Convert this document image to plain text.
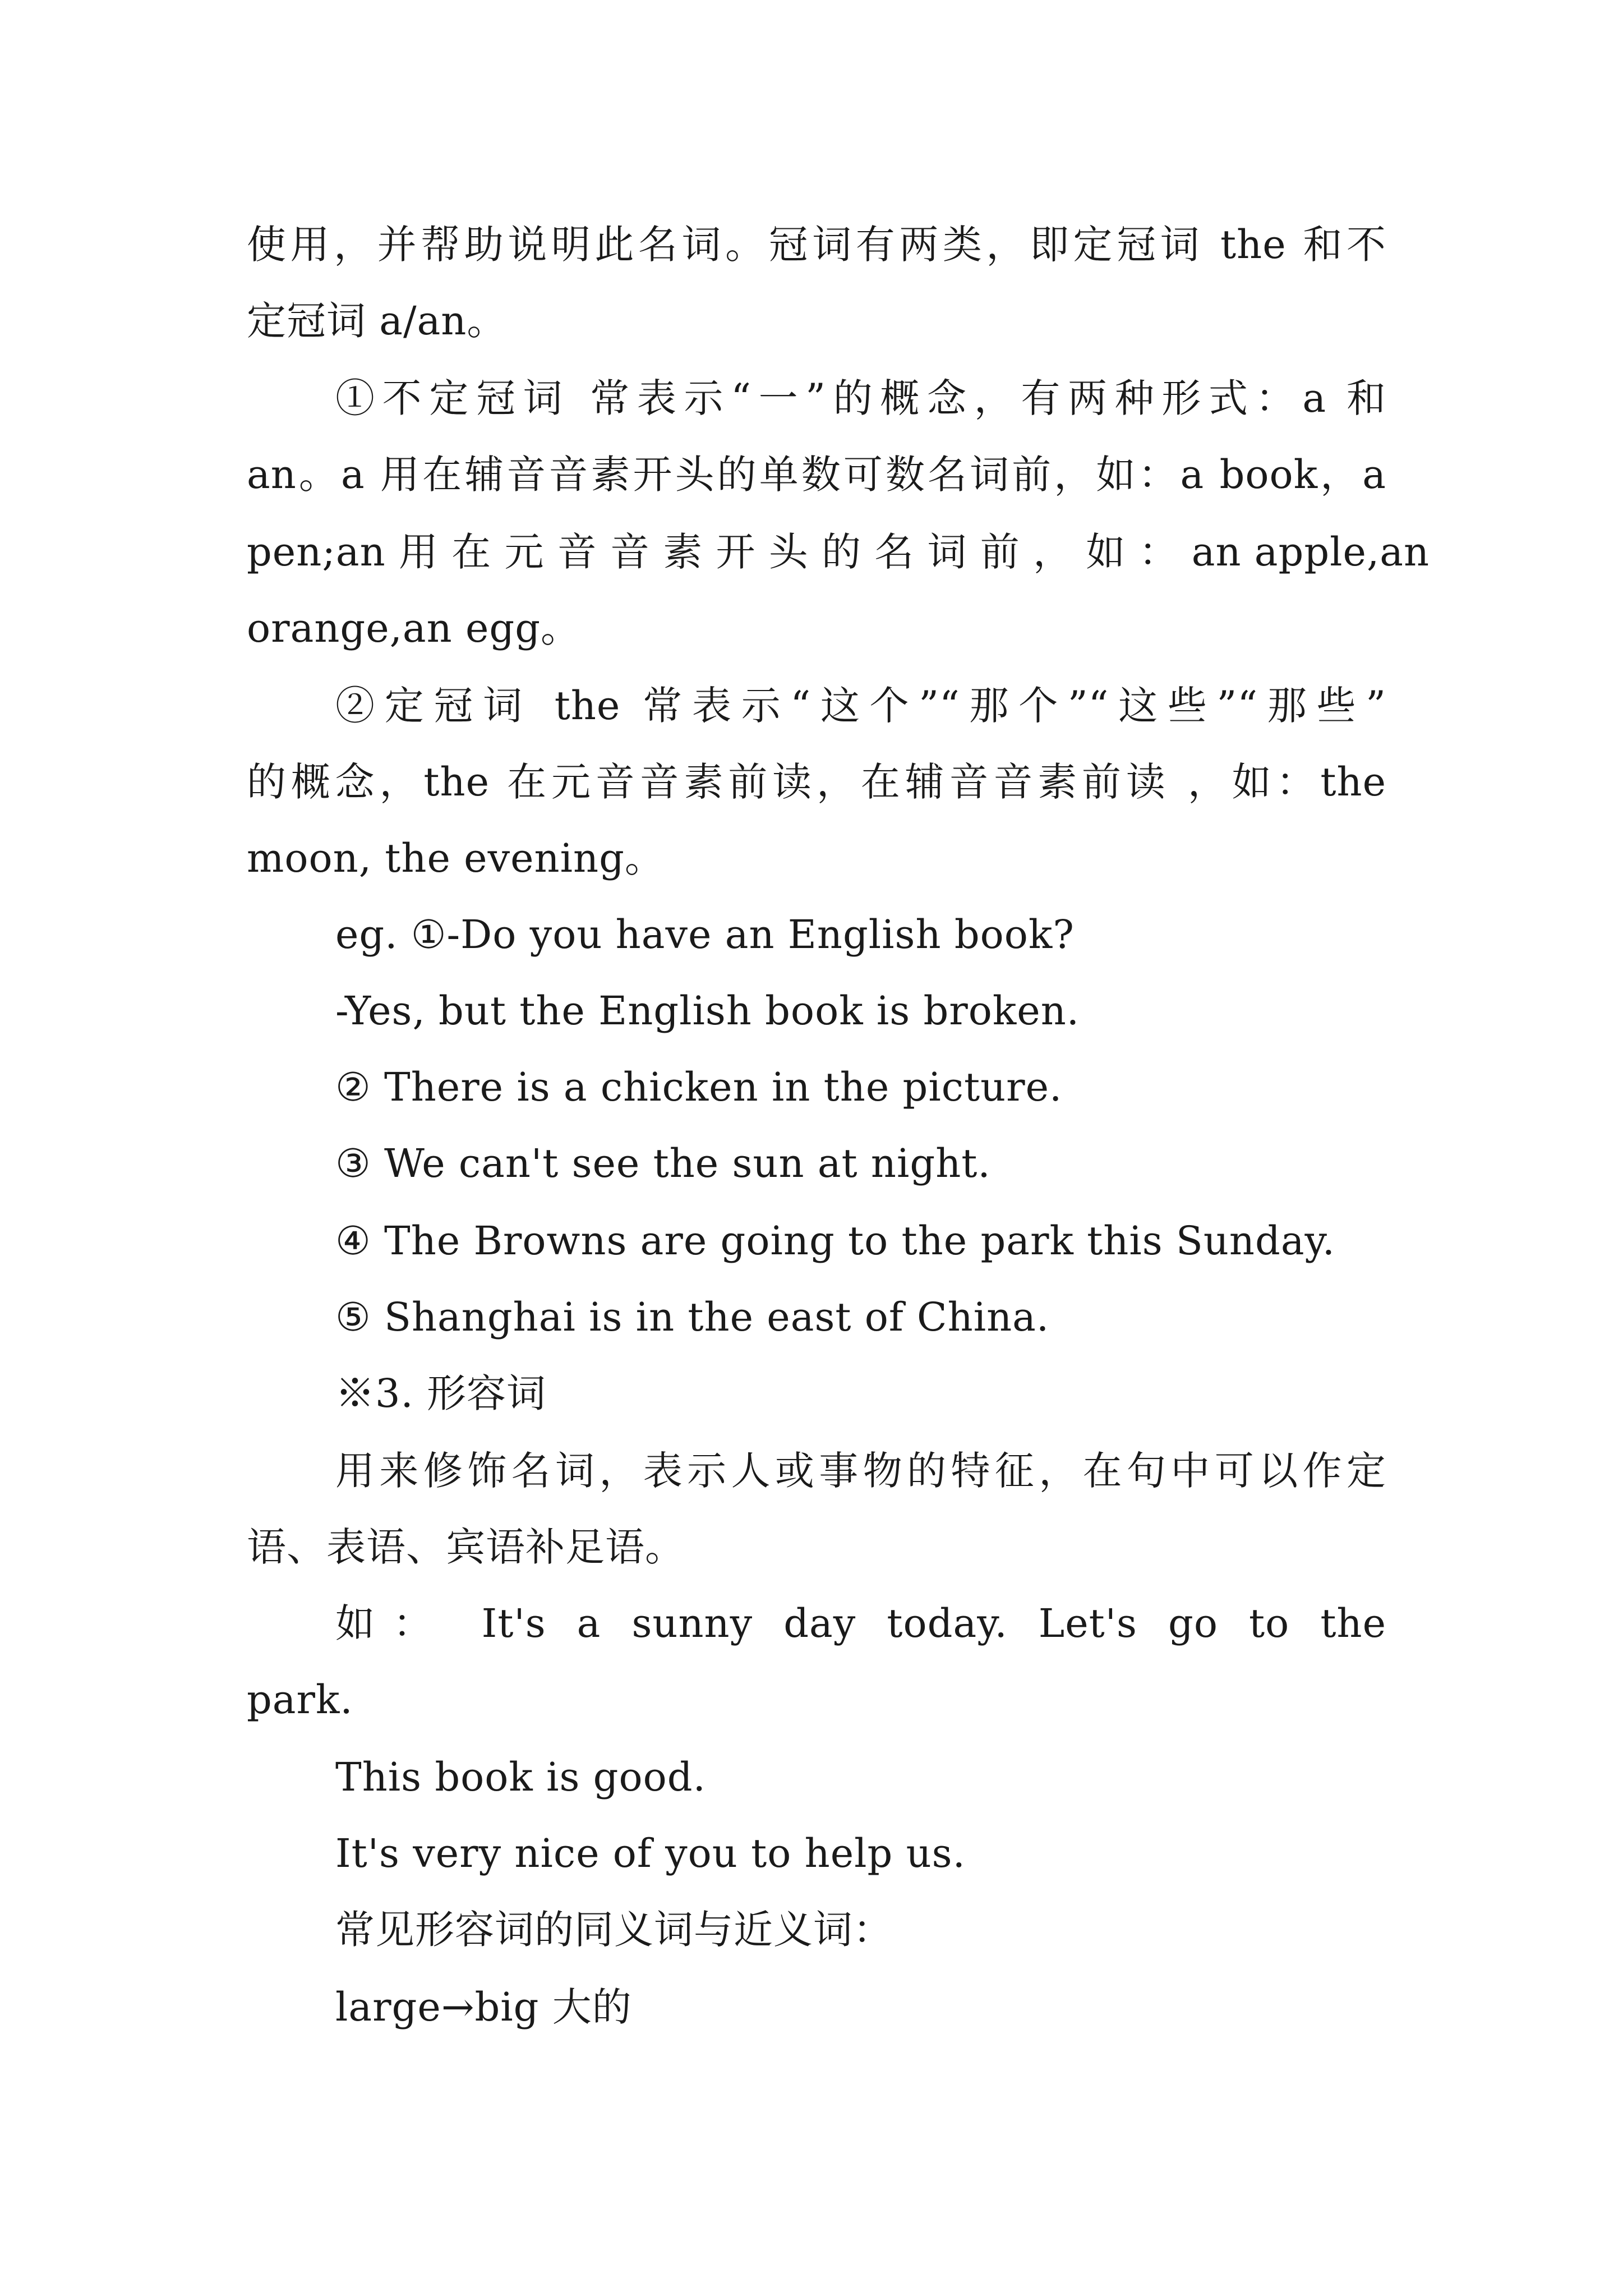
使用，并帮助说明此名词。冠词有两类，即定冠词 the 和不
定冠词 a/an。
①不定冠词 常表示“一”的概念，有两种形式：a 和
an。a 用在辅音音素开头的单数可数名词前，如：a book，a
pen;an 用 在 元 音 音 素 开 头 的 名 词 前 ， 如 ： an apple,an
orange,an egg。
②定冠词 the 常表示“这个”“那个”“这些”“那些”
的概念，the 在元音音素前读，在辅音音素前读 ，如：the
moon, the evening。
eg. ①-Do you have an English book?
-Yes, but the English book is broken.
② There is a chicken in the picture.
③ We can't see the sun at night.
④ The Browns are going to the park this Sunday.
⑤ Shanghai is in the east of China.
※3. 形容词
用来修饰名词，表示人或事物的特征，在句中可以作定
语、表语、宾语补足语。
如： It's a sunny day today. Let's go to the
park.
This book is good.
It's very nice of you to help us.
常见形容词的同义词与近义词：
large→big 大的
